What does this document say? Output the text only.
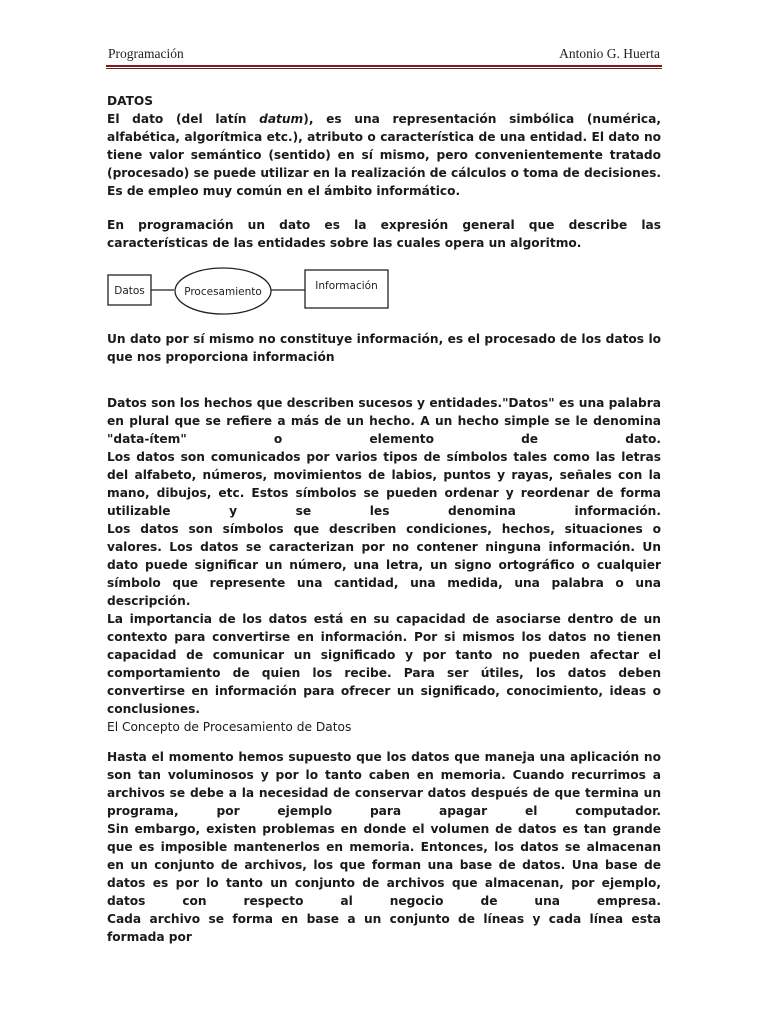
Programación	Antonio G. Huerta

DATOS

El dato (del latín datum), es una representación simbólica (numérica, alfabética, algorítmica etc.), atributo o característica de una entidad. El dato no tiene valor semántico (sentido) en sí mismo, pero convenientemente tratado (procesado) se puede utilizar en la realización de cálculos o toma de decisiones. Es de empleo muy común en el ámbito informático.

En programación un dato es la expresión general que describe las características de las entidades sobre las cuales opera un algoritmo.

Datos	Procesamiento	Información

Un dato por sí mismo no constituye información, es el procesado de los datos lo que nos proporciona información

Datos son los hechos que describen sucesos y entidades."Datos" es una palabra en plural que se refiere a más de un hecho. A un hecho simple se le denomina "data-ítem" o elemento de dato.

Los datos son comunicados por varios tipos de símbolos tales como las letras del alfabeto, números, movimientos de labios, puntos y rayas, señales con la mano, dibujos, etc. Estos símbolos se pueden ordenar y reordenar de forma utilizable y se les denomina información.

Los datos son símbolos que describen condiciones, hechos, situaciones o valores. Los datos se caracterizan por no contener ninguna información. Un dato puede significar un número, una letra, un signo ortográfico o cualquier símbolo que represente una cantidad, una medida, una palabra o una descripción.

La importancia de los datos está en su capacidad de asociarse dentro de un contexto para convertirse en información. Por si mismos los datos no tienen capacidad de comunicar un significado y por tanto no pueden afectar el comportamiento de quien los recibe. Para ser útiles, los datos deben convertirse en información para ofrecer un significado, conocimiento, ideas o conclusiones.

El Concepto de Procesamiento de Datos

Hasta el momento hemos supuesto que los datos que maneja una aplicación no son tan voluminosos y por lo tanto caben en memoria. Cuando recurrimos a archivos se debe a la necesidad de conservar datos después de que termina un programa, por ejemplo para apagar el computador.

Sin embargo, existen problemas en donde el volumen de datos es tan grande que es imposible mantenerlos en memoria. Entonces, los datos se almacenan en un conjunto de archivos, los que forman una base de datos. Una base de datos es por lo tanto un conjunto de archivos que almacenan, por ejemplo, datos con respecto al negocio de una empresa.

Cada archivo se forma en base a un conjunto de líneas y cada línea esta formada por
